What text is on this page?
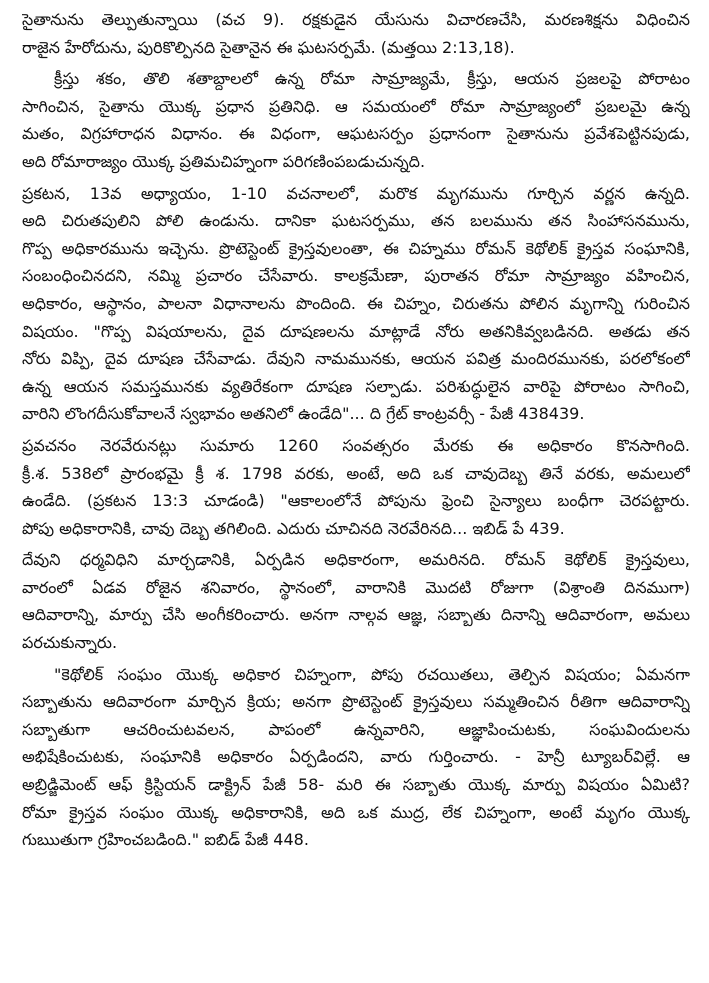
సైతానును తెల్పుతున్నాయి (వచ 9). రక్షకుడైన యేసును విచారణచేసి, మరణశిక్షను విధించిన
రాజైన హేరోదును, పురికొల్పినది సైతానైన ఈ ఘటసర్పమే. (మత్తయి 2:13,18).
క్రీస్తు శకం, తొలి శతాబ్దాలలో ఉన్న రోమా సామ్రాజ్యమే, క్రీస్తు, ఆయన ప్రజలపై పోరాటం
సాగించిన, సైతాను యొక్క ప్రధాన ప్రతినిధి. ఆ సమయంలో రోమా సామ్రాజ్యంలో ప్రబలమై ఉన్న
మతం, విగ్రహారాధన విధానం. ఈ విధంగా, ఆఘటసర్పం ప్రధానంగా సైతానును ప్రవేశపెట్టినపుడు,
అది రోమారాజ్యం యొక్క ప్రతిమచిహ్నంగా పరిగణింపబడుచున్నది.
ప్రకటన, 13వ అధ్యాయం, 1-10 వచనాలలో, మరొక మృగమును గూర్చిన వర్ణన ఉన్నది.
అది చిరుతపులిని పోలి ఉండును. దానికా ఘటసర్పము, తన బలమును తన సింహాసనమును,
గొప్ప అధికారమును ఇచ్చెను. ప్రొటెస్టెంట్ క్రైస్తవులంతా, ఈ చిహ్నము రోమన్ కెథోలిక్ క్రైస్తవ సంఘానికి,
సంబంధించినదని, నమ్మి ప్రచారం చేసేవారు. కాలక్రమేణా, పురాతన రోమా సామ్రాజ్యం వహించిన,
అధికారం, ఆస్థానం, పాలనా విధానాలను పొందింది. ఈ చిహ్నం, చిరుతను పోలిన మృగాన్ని గురించిన
విషయం. "గొప్ప విషయాలను, దైవ దూషణలను మాట్లాడే నోరు అతనికివ్వబడినది. అతడు తన
నోరు విప్పి, దైవ దూషణ చేసేవాడు. దేవుని నామమునకు, ఆయన పవిత్ర మందిరమునకు, పరలోకంలో
ఉన్న ఆయన సమస్తమునకు వ్యతిరేకంగా దూషణ సల్పాడు. పరిశుద్ధులైన వారిపై పోరాటం సాగించి,
వారిని లొంగదీసుకోవాలనే స్వభావం అతనిలో ఉండేది"... ది గ్రేట్ కాంట్రవర్సీ - పేజీ 438439.
ప్రవచనం నెరవేరునట్లు సుమారు 1260 సంవత్సరం మేరకు ఈ అధికారం కొనసాగింది.
క్రీ.శ. 538లో ప్రారంభమై క్రీ శ. 1798 వరకు, అంటే, అది ఒక చావుదెబ్బ తినే వరకు, అమలులో
ఉండేది. (ప్రకటన 13:3 చూడండి) "ఆకాలంలోనే పోపును ఫ్రెంచి సైన్యాలు బంధీగా చెరపట్టారు.
పోపు అధికారానికి, చావు దెబ్బ తగిలింది. ఎదురు చూచినది నెరవేరినది... ఇబిడ్ పే 439.
దేవుని ధర్మవిధిని మార్చడానికి, ఏర్పడిన అధికారంగా, అమరినది. రోమన్ కెథోలిక్ క్రైస్తవులు,
వారంలో ఏడవ రోజైన శనివారం, స్థానంలో, వారానికి మొదటి రోజుగా (విశ్రాంతి దినముగా)
ఆదివారాన్ని, మార్పు చేసి అంగీకరించారు. అనగా నాల్గవ ఆజ్ఞ, సబ్బాతు దినాన్ని ఆదివారంగా, అమలు
పరచుకున్నారు.
"కెథోలిక్ సంఘం యొక్క అధికార చిహ్నంగా, పోపు రచయితలు, తెల్పిన విషయం; ఏమనగా
సబ్బాతును ఆదివారంగా మార్చిన క్రియ; అనగా ప్రొటెస్టెంట్ క్రైస్తవులు సమ్మతించిన రీతిగా ఆదివారాన్ని
సబ్బాతుగా ఆచరించుటవలన, పాపంలో ఉన్నవారిని, ఆజ్ఞాపించుటకు, సంఘవిందులను
అభిషేకించుటకు, సంఘానికి అధికారం ఏర్పడిందని, వారు గుర్తించారు. - హెన్రీ ట్యూబర్‌విల్లే. ఆ
అబ్రిడ్జిమెంట్ ఆఫ్ క్రిస్టియన్ డాక్ట్రిన్ పేజీ 58- మరి ఈ సబ్బాతు యొక్క మార్పు విషయం ఏమిటి?
రోమా క్రైస్తవ సంఘం యొక్క అధికారానికి, అది ఒక ముద్ర, లేక చిహ్నంగా, అంటే మృగం యొక్క
గుఋతుగా గ్రహించబడింది." ఐబిడ్ పేజీ 448.
